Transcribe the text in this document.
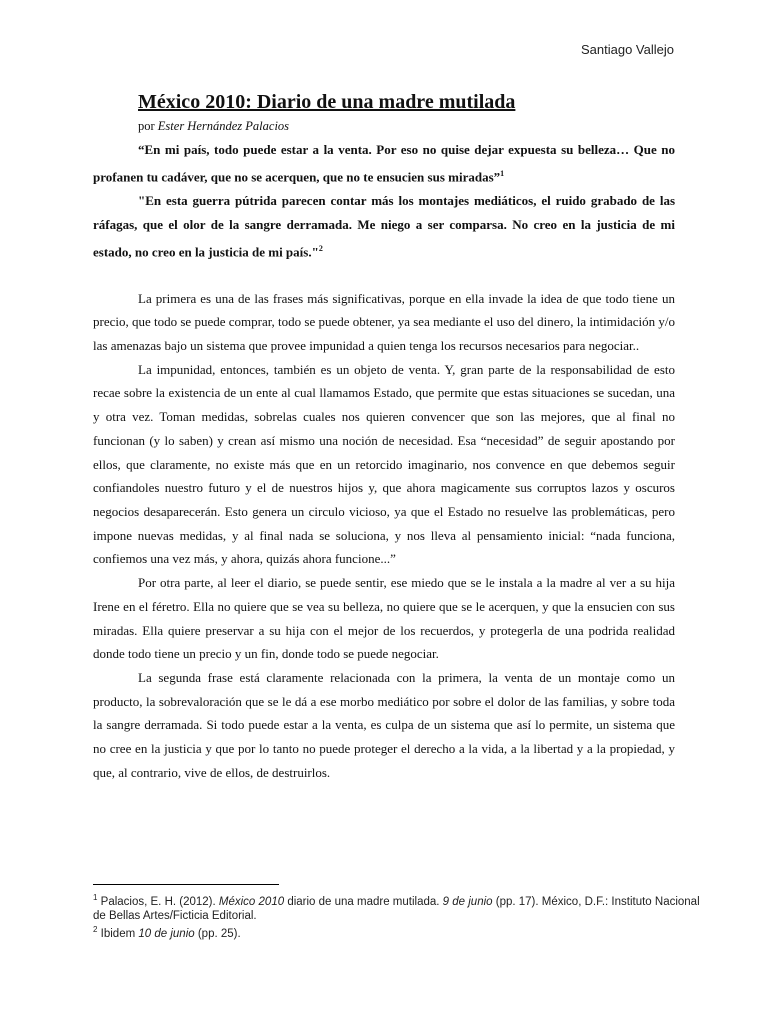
Santiago Vallejo
México 2010: Diario de una madre mutilada

por Ester Hernández Palacios

“En mi país, todo puede estar a la venta. Por eso no quise dejar expuesta su belleza… Que no profanen tu cadáver, que no se acerquen, que no te ensucien sus miradas”$^1$

"En esta guerra pútrida parecen contar más los montajes mediáticos, el ruido grabado de las ráfagas, que el olor de la sangre derramada. Me niego a ser comparsa. No creo en la justicia de mi estado, no creo en la justicia de mi país."$^2$

La primera es una de las frases más significativas, porque en ella invade la idea de que todo tiene un precio, que todo se puede comprar, todo se puede obtener, ya sea mediante el uso del dinero, la intimidación y/o las amenazas bajo un sistema que provee impunidad a quien tenga los recursos necesarios para negociar..

La impunidad, entonces, también es un objeto de venta. Y, gran parte de la responsabilidad de esto recae sobre la existencia de un ente al cual llamamos Estado, que permite que estas situaciones se sucedan, una y otra vez. Toman medidas, sobrelas cuales nos quieren convencer que son las mejores, que al final no funcionan (y lo saben) y crean así mismo una noción de necesidad. Esa “necesidad” de seguir apostando por ellos, que claramente, no existe más que en un retorcido imaginario, nos convence en que debemos seguir confiandoles nuestro futuro y el de nuestros hijos y, que ahora magicamente sus corruptos lazos y oscuros negocios desaparecerán. Esto genera un circulo vicioso, ya que el Estado no resuelve las problemáticas, pero impone nuevas medidas, y al final nada se soluciona, y nos lleva al pensamiento inicial: “nada funciona, confiemos una vez más, y ahora, quizás ahora funcione...”

Por otra parte, al leer el diario, se puede sentir, ese miedo que se le instala a la madre al ver a su hija Irene en el féretro. Ella no quiere que se vea su belleza, no quiere que se le acerquen, y que la ensucien con sus miradas. Ella quiere preservar a su hija con el mejor de los recuerdos, y protegerla de una podrida realidad donde todo tiene un precio y un fin, donde todo se puede negociar.

La segunda frase está claramente relacionada con la primera, la venta de un montaje como un producto, la sobrevaloración que se le dá a ese morbo mediático por sobre el dolor de las familias, y sobre toda la sangre derramada. Si todo puede estar a la venta, es culpa de un sistema que así lo permite, un sistema que no cree en la justicia y que por lo tanto no puede proteger el derecho a la vida, a la libertad y a la propiedad, y que, al contrario, vive de ellos, de destruirlos.

$^1$ Palacios, E. H. (2012). México 2010 diario de una madre mutilada. 9 de junio (pp. 17). México, D.F.: Instituto Nacional de Bellas Artes/Ficticia Editorial.

$^2$ Ibidem 10 de junio (pp. 25).
